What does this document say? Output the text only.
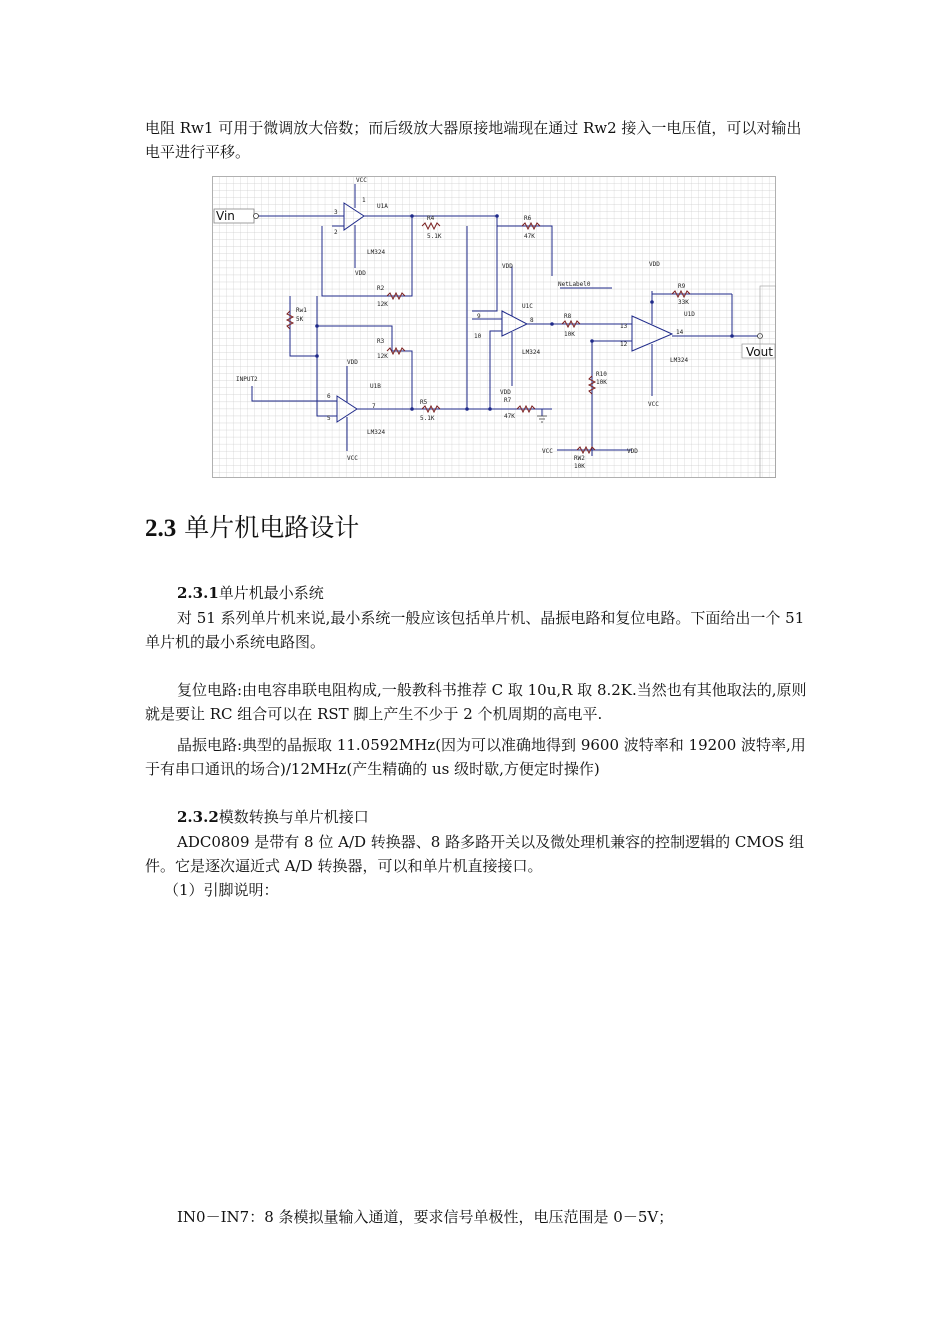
电阻 Rw1 可用于微调放大倍数；而后级放大器原接地端现在通过 Rw2 接入一电压值，可以对输出电平进行平移。

Vin
Vout
VCC
U1A
LM324
VDD
3
2
1
R4
5.1K
R6
47K
R2
12K
R3
12K
Rw1
5K
INPUT2
VDD
U1B
LM324
VCC
6
5
7
R5
5.1K
R7
47K
VDD
U1C
LM324
VDD
9
10
8
NetLabel0
R8
10K
R10
10K
VDD
R9
33K
U1D
LM324
VCC
13
12
14
VCC	VDD
RW2
10K
2.3 单片机电路设计

2.3.1单片机最小系统

对 51 系列单片机来说,最小系统一般应该包括单片机、晶振电路和复位电路。下面给出一个 51 单片机的最小系统电路图。

复位电路:由电容串联电阻构成,一般教科书推荐 C 取 10u,R 取 8.2K.当然也有其他取法的,原则就是要让 RC 组合可以在 RST 脚上产生不少于 2 个机周期的高电平.

晶振电路:典型的晶振取 11.0592MHz(因为可以准确地得到 9600 波特率和 19200 波特率,用于有串口通讯的场合)/12MHz(产生精确的 us 级时歇,方便定时操作)

2.3.2模数转换与单片机接口

ADC0809 是带有 8 位 A/D 转换器、8 路多路开关以及微处理机兼容的控制逻辑的 CMOS 组件。它是逐次逼近式 A/D 转换器，可以和单片机直接接口。

（1）引脚说明：

IN0－IN7：8 条模拟量输入通道，要求信号单极性，电压范围是 0－5V；
